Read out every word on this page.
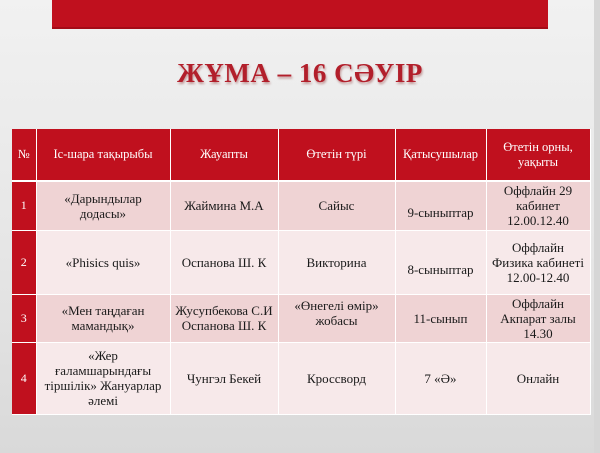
ЖҰМА – 16 СӘУІР
№	Іс-шара тақырыбы	Жауапты	Өтетін түрі	Қатысушылар	Өтетін орны, уақыты
1	«Дарындылар додасы»	Жаймина М.А	Сайыс	9-сыныптар	Оффлайн 29 кабинет 12.00.12.40
2	«Phisics quis»	Оспанова Ш. К	Викторина	8-сыныптар	Оффлайн Физика кабинеті 12.00-12.40
3	«Мен таңдаған мамандық»	Жусупбекова С.И Оспанова Ш. К	«Өнегелі өмір» жобасы	11-сынып	Оффлайн Акпарат залы 14.30
4	«Жер ғаламшарындағы тіршілік» Жануарлар әлемі	Чунгэл Бекей	Кроссворд	7 «Ә»	Онлайн
